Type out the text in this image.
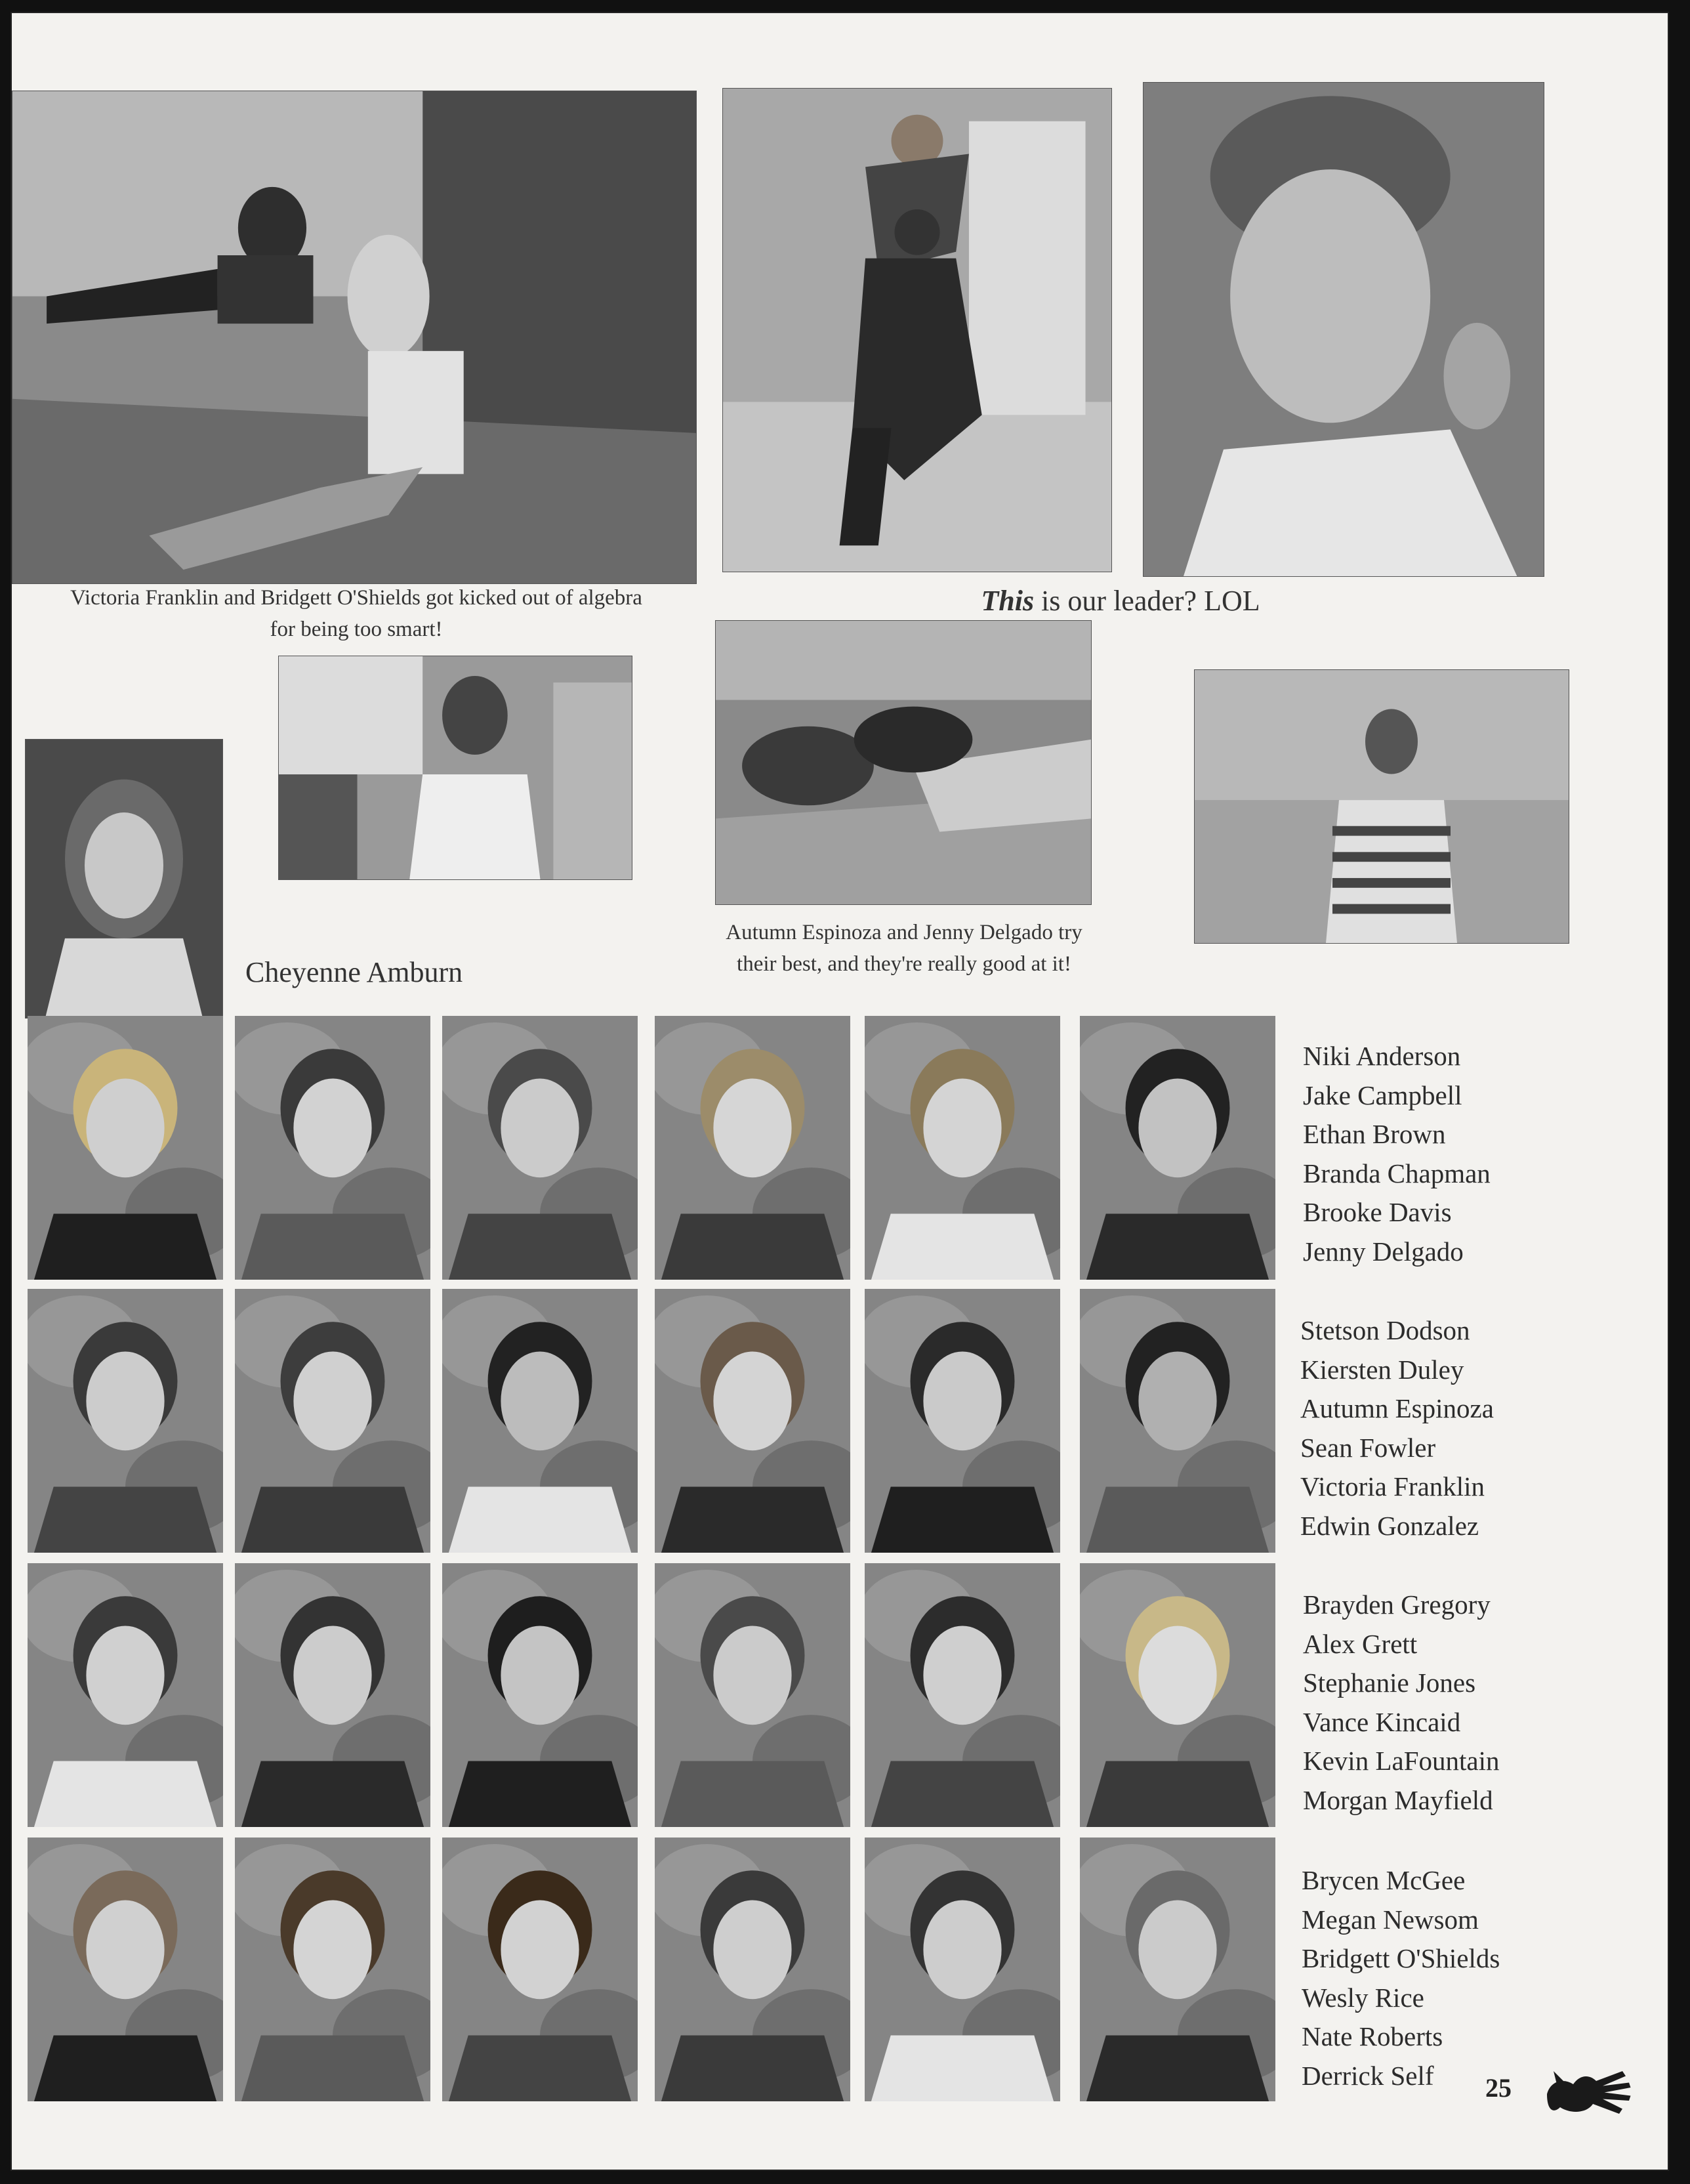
Victoria Franklin and Bridgett O'Shields got kicked out of algebra
for being too smart!
This is our leader? LOL
Cheyenne Amburn
Autumn Espinoza and Jenny Delgado try
their best, and they're really good at it!
Niki Anderson
Jake Campbell
Ethan Brown
Branda Chapman
Brooke Davis
Jenny Delgado
Stetson Dodson
Kiersten Duley
Autumn Espinoza
Sean Fowler
Victoria Franklin
Edwin Gonzalez
Brayden Gregory
Alex Grett
Stephanie Jones
Vance Kincaid
Kevin LaFountain
Morgan Mayfield
Brycen McGee
Megan Newsom
Bridgett O'Shields
Wesly Rice
Nate Roberts
Derrick Self	25
